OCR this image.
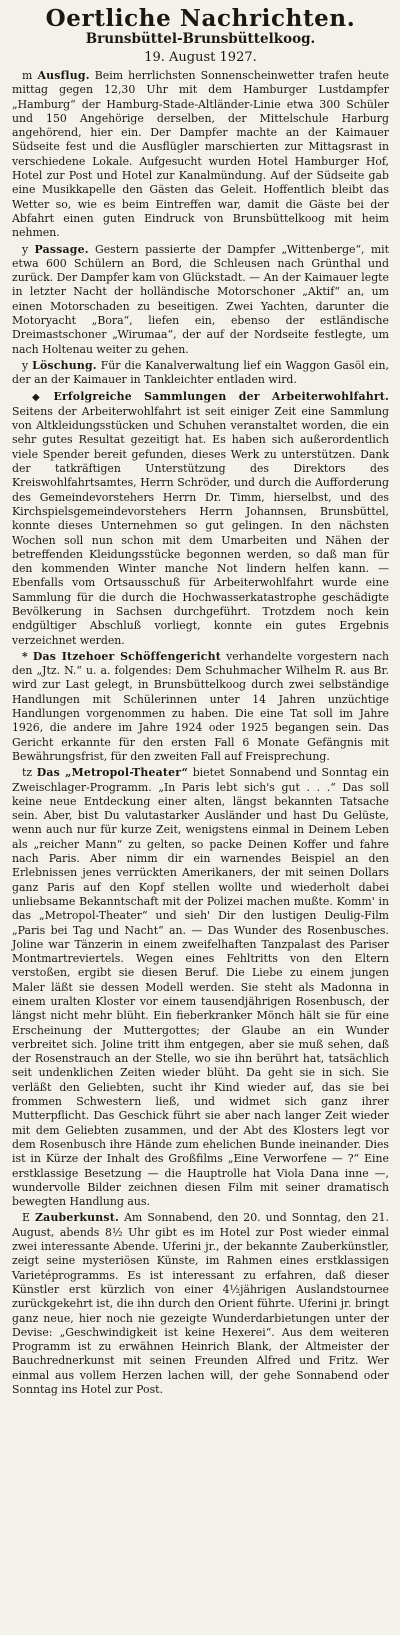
Oertliche Nachrichten.
Brunsbüttel-Brunsbüttelkoog.
19. August 1927.

m Ausflug. Beim herrlichsten Sonnenscheinwetter trafen heute mittag gegen 12,30 Uhr mit dem Hamburger Lustdampfer „Hamburg“ der Hamburg-Stade-Altländer-Linie etwa 300 Schüler und 150 Angehörige derselben, der Mittelschule Harburg angehörend, hier ein. Der Dampfer machte an der Kaimauer Südseite fest und die Ausflügler marschierten zur Mittagsrast in verschiedene Lokale. Aufgesucht wurden Hotel Hamburger Hof, Hotel zur Post und Hotel zur Kanalmündung. Auf der Südseite gab eine Musikkapelle den Gästen das Geleit. Hoffentlich bleibt das Wetter so, wie es beim Eintreffen war, damit die Gäste bei der Abfahrt einen guten Eindruck von Brunsbüttelkoog mit heim nehmen.

y Passage. Gestern passierte der Dampfer „Wittenberge“, mit etwa 600 Schülern an Bord, die Schleusen nach Grünthal und zurück. Der Dampfer kam von Glückstadt. — An der Kaimauer legte in letzter Nacht der holländische Motorschoner „Aktif“ an, um einen Motorschaden zu beseitigen. Zwei Yachten, darunter die Motoryacht „Bora“, liefen ein, ebenso der estländische Dreimastschoner „Wirumaa“, der auf der Nordseite festlegte, um nach Holtenau weiter zu gehen.

y Löschung. Für die Kanalverwaltung lief ein Waggon Gasöl ein, der an der Kaimauer in Tankleichter entladen wird.

◆ Erfolgreiche Sammlungen der Arbeiterwohlfahrt. Seitens der Arbeiterwohlfahrt ist seit einiger Zeit eine Sammlung von Altkleidungsstücken und Schuhen veranstaltet worden, die ein sehr gutes Resultat gezeitigt hat. Es haben sich außerordentlich viele Spender bereit gefunden, dieses Werk zu unterstützen. Dank der tatkräftigen Unterstützung des Direktors des Kreiswohlfahrtsamtes, Herrn Schröder, und durch die Aufforderung des Gemeindevorstehers Herrn Dr. Timm, hierselbst, und des Kirchspielsgemeindevorstehers Herrn Johannsen, Brunsbüttel, konnte dieses Unternehmen so gut gelingen. In den nächsten Wochen soll nun schon mit dem Umarbeiten und Nähen der betreffenden Kleidungsstücke begonnen werden, so daß man für den kommenden Winter manche Not lindern helfen kann. — Ebenfalls vom Ortsausschuß für Arbeiterwohlfahrt wurde eine Sammlung für die durch die Hochwasserkatastrophe geschädigte Bevölkerung in Sachsen durchgeführt. Trotzdem noch kein endgültiger Abschluß vorliegt, konnte ein gutes Ergebnis verzeichnet werden.

* Das Itzehoer Schöffengericht verhandelte vorgestern nach den „Jtz. N.“ u. a. folgendes: Dem Schuhmacher Wilhelm R. aus Br. wird zur Last gelegt, in Brunsbüttelkoog durch zwei selbständige Handlungen mit Schülerinnen unter 14 Jahren unzüchtige Handlungen vorgenommen zu haben. Die eine Tat soll im Jahre 1926, die andere im Jahre 1924 oder 1925 begangen sein. Das Gericht erkannte für den ersten Fall 6 Monate Gefängnis mit Bewährungsfrist, für den zweiten Fall auf Freisprechung.

tz Das „Metropol-Theater“ bietet Sonnabend und Sonntag ein Zweischlager-Programm. „In Paris lebt sich's gut . . .“ Das soll keine neue Entdeckung einer alten, längst bekannten Tatsache sein. Aber, bist Du valutastarker Ausländer und hast Du Gelüste, wenn auch nur für kurze Zeit, wenigstens einmal in Deinem Leben als „reicher Mann“ zu gelten, so packe Deinen Koffer und fahre nach Paris. Aber nimm dir ein warnendes Beispiel an den Erlebnissen jenes verrückten Amerikaners, der mit seinen Dollars ganz Paris auf den Kopf stellen wollte und wiederholt dabei unliebsame Bekanntschaft mit der Polizei machen mußte. Komm' in das „Metropol-Theater“ und sieh' Dir den lustigen Deulig-Film „Paris bei Tag und Nacht“ an. — Das Wunder des Rosenbusches. Joline war Tänzerin in einem zweifelhaften Tanzpalast des Pariser Montmartreviertels. Wegen eines Fehltritts von den Eltern verstoßen, ergibt sie diesen Beruf. Die Liebe zu einem jungen Maler läßt sie dessen Modell werden. Sie steht als Madonna in einem uralten Kloster vor einem tausendjährigen Rosenbusch, der längst nicht mehr blüht. Ein fieberkranker Mönch hält sie für eine Erscheinung der Muttergottes; der Glaube an ein Wunder verbreitet sich. Joline tritt ihm entgegen, aber sie muß sehen, daß der Rosenstrauch an der Stelle, wo sie ihn berührt hat, tatsächlich seit undenklichen Zeiten wieder blüht. Da geht sie in sich. Sie verläßt den Geliebten, sucht ihr Kind wieder auf, das sie bei frommen Schwestern ließ, und widmet sich ganz ihrer Mutterpflicht. Das Geschick führt sie aber nach langer Zeit wieder mit dem Geliebten zusammen, und der Abt des Klosters legt vor dem Rosenbusch ihre Hände zum ehelichen Bunde ineinander. Dies ist in Kürze der Inhalt des Großfilms „Eine Verworfene — ?“ Eine erstklassige Besetzung — die Hauptrolle hat Viola Dana inne —, wundervolle Bilder zeichnen diesen Film mit seiner dramatisch bewegten Handlung aus.

E Zauberkunst. Am Sonnabend, den 20. und Sonntag, den 21. August, abends 8½ Uhr gibt es im Hotel zur Post wieder einmal zwei interessante Abende. Uferini jr., der bekannte Zauberkünstler, zeigt seine mysteriösen Künste, im Rahmen eines erstklassigen Varietéprogramms. Es ist interessant zu erfahren, daß dieser Künstler erst kürzlich von einer 4½jährigen Auslandstournee zurückgekehrt ist, die ihn durch den Orient führte. Uferini jr. bringt ganz neue, hier noch nie gezeigte Wunderdarbietungen unter der Devise: „Geschwindigkeit ist keine Hexerei“. Aus dem weiteren Programm ist zu erwähnen Heinrich Blank, der Altmeister der Bauchrednerkunst mit seinen Freunden Alfred und Fritz. Wer einmal aus vollem Herzen lachen will, der gehe Sonnabend oder Sonntag ins Hotel zur Post.
